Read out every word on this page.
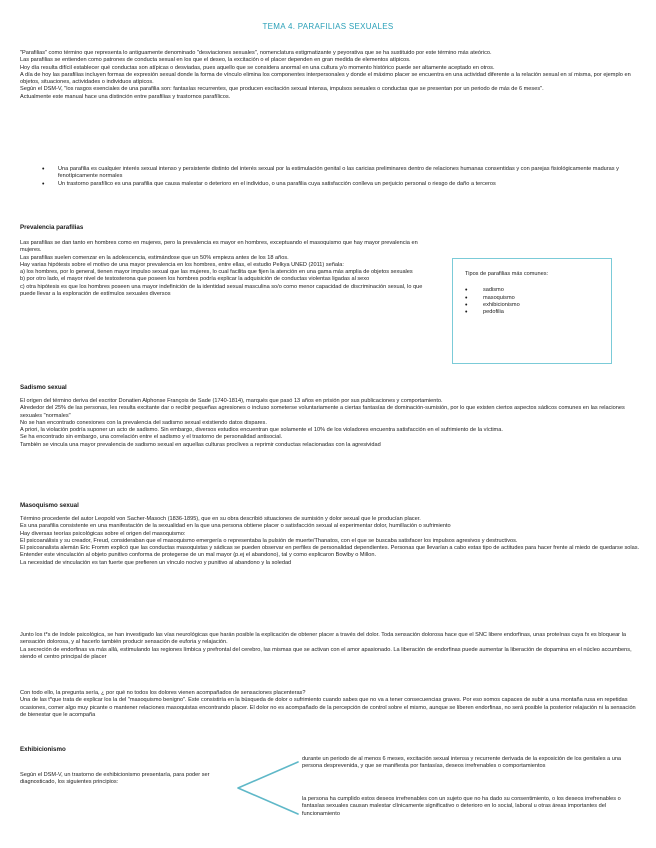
TEMA 4. PARAFILIAS SEXUALES

"Parafilias" como término que representa lo antiguamente denominado "desviaciones sexuales", nomenclatura estigmatizante y peyorativa que se ha sustituido por este término más ateórico.

Las parafilias se entienden como patrones de conducta sexual en los que el deseo, la excitación o el placer dependen en gran medida de elementos atípicos.

Hoy día resulta difícil establecer qué conductas son atípicas o desviadas, pues aquello que se considera anormal en una cultura y/o momento histórico puede ser altamente aceptado en otros.

A día de hoy las parafilias incluyen formas de expresión sexual donde la forma de vínculo elimina los componentes interpersonales y donde el máximo placer se encuentra en una actividad diferente a la relación sexual en sí misma, por ejemplo en objetos, situaciones, actividades o individuos atípicos.

Según el DSM-V, "los rasgos esenciales de una parafilia son: fantasías recurrentes, que producen excitación sexual intensa, impulsos sexuales o conductas que se presentan por un periodo de más de 6 meses".

Actualmente este manual hace una distinción entre parafilias y trastornos parafílicos.

• Una parafilia es cualquier interés sexual intenso y persistente distinto del interés sexual por la estimulación genital o las caricias preliminares dentro de relaciones humanas consentidas y con parejas fisiológicamente maduras y fenotípicamente normales
• Un trastorno parafílico es una parafilia que causa malestar o deterioro en el individuo, o una parafilia cuya satisfacción conlleva un perjuicio personal o riesgo de daño a terceros
Prevalencia parafilias

Las parafilias se dan tanto en hombres como en mujeres, pero la prevalencia es mayor en hombres, exceptuando el masoquismo que hay mayor prevalencia en mujeres.

Las parafilias suelen comenzar en la adolescencia, estimándose que un 50% empieza antes de los 18 años.

Hay varias hipótesis sobre el motivo de una mayor prevalencia en los hombres, entre ellas, el estudio Pelkya UNED (2011) señala:

a) los hombres, por lo general, tienen mayor impulso sexual que las mujeres, lo cual facilita que fijen la atención en una gama más amplia de objetos sexuales

b) por otro lado, el mayor nivel de testosterona que poseen los hombres podría explicar la adquisición de conductas violentas ligadas al sexo

c) otra hipótesis es que los hombres poseen una mayor indefinición de la identidad sexual masculina so/o como menor capacidad de discriminación sexual, lo que puede llevar a la exploración de estímulos sexuales diversos

Tipos de parafilias más comunes:
• sadismo
• masoquismo
• exhibicionismo
• pedofilia
Sadismo sexual

El origen del término deriva del escritor Donatien Alphonse François de Sade (1740-1814), marqués que pasó 13 años en prisión por sus publicaciones y comportamiento.

Alrededor del 25% de las personas, les resulta excitante dar o recibir pequeñas agresiones o incluso someterse voluntariamente a ciertas fantasías de dominación-sumisión, por lo que existen ciertos aspectos sádicos comunes en las relaciones sexuales "normales"

No se han encontrado conexiones con la prevalencia del sadismo sexual existiendo datos dispares.

A priori, la violación podría suponer un acto de sadismo. Sin embargo, diversos estudios encuentran que solamente el 10% de los violadores encuentra satisfacción en el sufrimiento de la víctima.

Se ha encontrado sin embargo, una correlación entre el sadismo y el trastorno de personalidad antisocial.

También se vincula una mayor prevalencia de sadismo sexual en aquellas culturas proclives a reprimir conductas relacionadas con la agresividad

Masoquismo sexual

Término procedente del autor Leopold von Sacher-Masoch (1836-1895), que en su obra describió situaciones de sumisión y dolor sexual que le producían placer.

Es una parafilia consistente en una manifestación de la sexualidad en la que una persona obtiene placer o satisfacción sexual al experimentar dolor, humillación o sufrimiento

Hay diversas teorías psicológicas sobre el origen del masoquismo:

El psicoanálisis y su creador, Freud, consideraban que el masoquismo emergería o representaba la pulsión de muerte/Thanatos, con el que se buscaba satisfacer los impulsos agresivos y destructivos.

El psicoanalista alemán Eric Fromm explicó que las conductas masoquistas y sádicas se pueden observar en perfiles de personalidad dependientes. Personas que llevarían a cabo estas tipo de actitudes para hacer frente al miedo de quedarse solas.

Entender este vinculación al objeto punitivo conforma de protegerse de un mal mayor (p.ej el abandono), tal y como explicaron Bowlby o Millon.

La necesidad de vinculación es tan fuerte que prefieren un vínculo nocivo y punitivo al abandono y la soledad

Junto los t*s de índole psicológica, se han investigado las vías neurológicas que harán posible la explicación de obtener placer a través del dolor. Toda sensación dolorosa hace que el SNC libere endorfinas, unas proteínas cuya fx es bloquear la sensación dolorosa, y al hacerlo también producir sensación de euforia y relajación.

La secreción de endorfinas va más allá, estimulando las regiones límbica y prefrontal del cerebro, las mismas que se activan con el amor apasionado. La liberación de endorfinas puede aumentar la liberación de dopamina en el núcleo accumbens, siendo el centro principal de placer

Con todo ello, la pregunta sería, ¿ por qué no todos los dolores vienen acompañados de sensaciones placenteras?

Una de las t*que trata de explicar los la del "masoquismo benigno". Este consistiría en la búsqueda de dolor o sufrimiento cuando sabes que no va a tener consecuencias graves. Por eso somos capaces de subir a una montaña rusa en repetidas ocasiones, comer algo muy picante o mantener relaciones masoquistas encontrando placer. El dolor no es acompañado de la percepción de control sobre el mismo, aunque se liberen endorfinas, no será posible la posterior relajación ni la sensación de bienestar que le acompaña

Exhibicionismo
Según el DSM-V, un trastorno de exhibicionismo presentaría, para poder ser diagnosticado, los siguientes principios:
durante un periodo de al menos 6 meses, excitación sexual intensa y recurrente derivada de la exposición de los genitales a una persona desprevenida, y que se manifiesta por fantasías, deseos irrefrenables o comportamientos
la persona ha cumplido estos deseos irrefrenables con un sujeto que no ha dado su consentimiento, o los deseos irrefrenables o fantasías sexuales causan malestar clínicamente significativo o deterioro en lo social, laboral u otras áreas importantes del funcionamiento
